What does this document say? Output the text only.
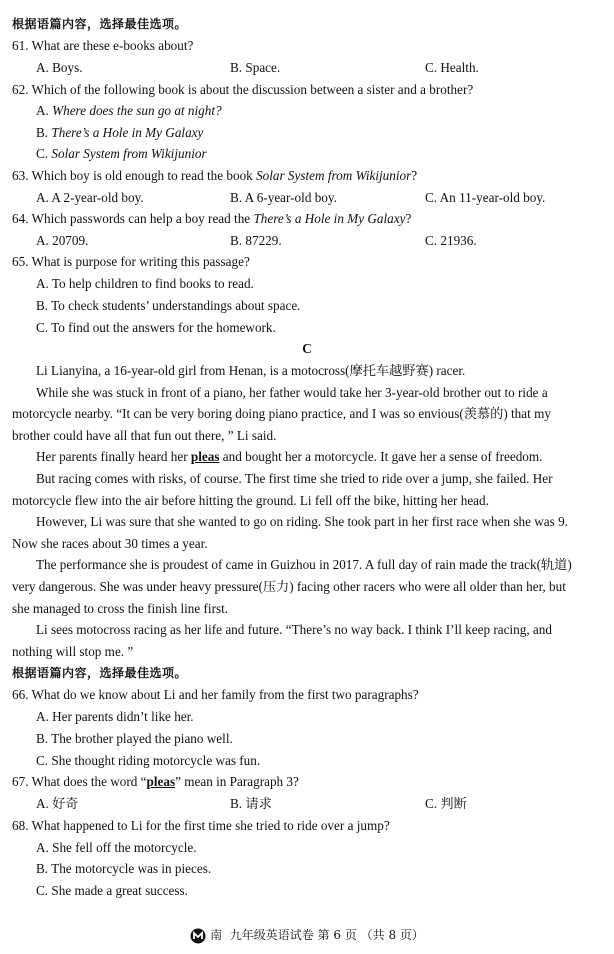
根据语篇内容，选择最佳选项。
61. What are these e-books about?
A. Boys.	B. Space.	C. Health.
62. Which of the following book is about the discussion between a sister and a brother?
A. Where does the sun go at night?
B. There’s a Hole in My Galaxy
C. Solar System from Wikijunior
63. Which boy is old enough to read the book Solar System from Wikijunior?
A. A 2-year-old boy.	B. A 6-year-old boy.	C. An 11-year-old boy.
64. Which passwords can help a boy read the There’s a Hole in My Galaxy?
A. 20709.	B. 87229.	C. 21936.
65. What is purpose for writing this passage?
A. To help children to find books to read.
B. To check students’ understandings about space.
C. To find out the answers for the homework.
C
Li Lianyina, a 16-year-old girl from Henan, is a motocross(摩托车越野赛) racer.
While she was stuck in front of a piano, her father would take her 3-year-old brother out to ride a
motorcycle nearby. “It can be very boring doing piano practice, and I was so envious(羡慕的) that my
brother could have all that fun out there, ” Li said.
Her parents finally heard her pleas and bought her a motorcycle. It gave her a sense of freedom.
But racing comes with risks, of course. The first time she tried to ride over a jump, she failed. Her
motorcycle flew into the air before hitting the ground. Li fell off the bike, hitting her head.
However, Li was sure that she wanted to go on riding. She took part in her first race when she was 9.
Now she races about 30 times a year.
The performance she is proudest of came in Guizhou in 2017. A full day of rain made the track(轨道)
very dangerous. She was under heavy pressure(压力) facing other racers who were all older than her, but
she managed to cross the finish line first.
Li sees motocross racing as her life and future. “There’s no way back. I think I’ll keep racing, and
nothing will stop me. ”
根据语篇内容，选择最佳选项。
66. What do we know about Li and her family from the first two paragraphs?
A. Her parents didn’t like her.
B. The brother played the piano well.
C. She thought riding motorcycle was fun.
67. What does the word “pleas” mean in Paragraph 3?
A. 好奇	B. 请求	C. 判断
68. What happened to Li for the first time she tried to ride over a jump?
A. She fell off the motorcycle.
B. The motorcycle was in pieces.
C. She made a great success.
南 九年级英语试卷 第 6 页 （共 8 页）
